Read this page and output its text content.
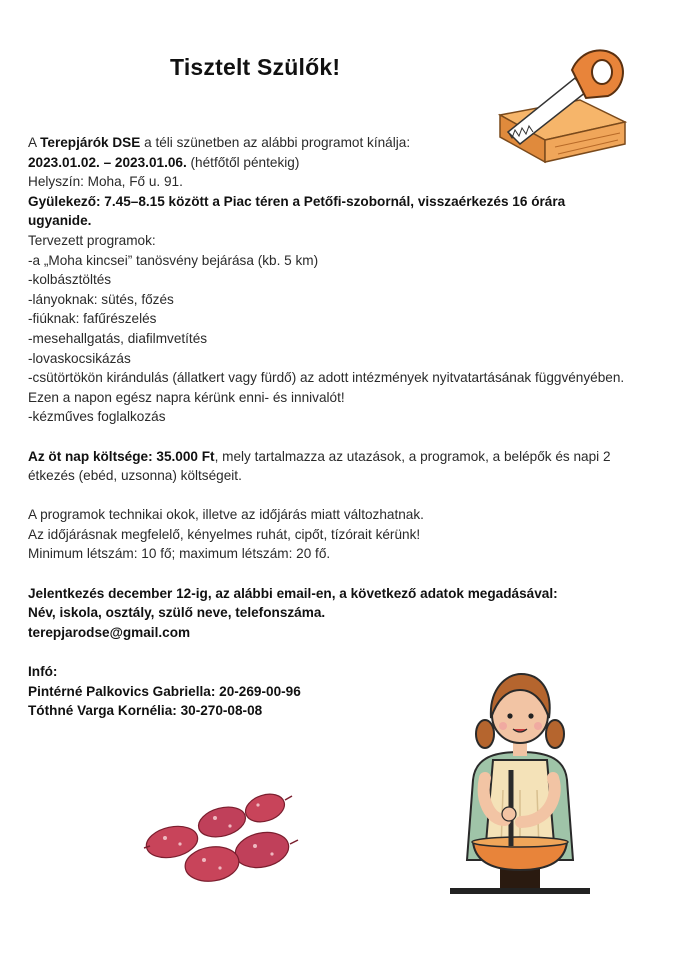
Tisztelt Szülők!

A Terepjárók DSE a téli szünetben az alábbi programot kínálja:

2023.01.02. – 2023.01.06. (hétfőtől péntekig)

Helyszín: Moha, Fő u. 91.

Gyülekező: 7.45–8.15 között a Piac téren a Petőfi-szobornál, visszaérkezés 16 órára

ugyanide.

Tervezett programok:

-a „Moha kincsei” tanösvény bejárása (kb. 5 km)

-kolbásztöltés

-lányoknak: sütés, főzés

-fiúknak: fafűrészelés

-mesehallgatás, diafilmvetítés

-lovaskocsikázás

-csütörtökön kirándulás (állatkert vagy fürdő) az adott intézmények nyitvatartásának függvényében.

Ezen a napon egész napra kérünk enni- és innivalót!

-kézműves foglalkozás

Az öt nap költsége: 35.000 Ft, mely tartalmazza az utazások, a programok, a belépők és napi 2

étkezés (ebéd, uzsonna) költségeit.

A programok technikai okok, illetve az időjárás miatt változhatnak.

Az időjárásnak megfelelő, kényelmes ruhát, cipőt, tízórait kérünk!

Minimum létszám: 10 fő; maximum létszám: 20 fő.

Jelentkezés december 12-ig, az alábbi email-en, a következő adatok megadásával:

Név, iskola, osztály, szülő neve, telefonszáma.

terepjarodse@gmail.com

Infó:

Pintérné Palkovics Gabriella: 20-269-00-96

Tóthné Varga Kornélia: 30-270-08-08
